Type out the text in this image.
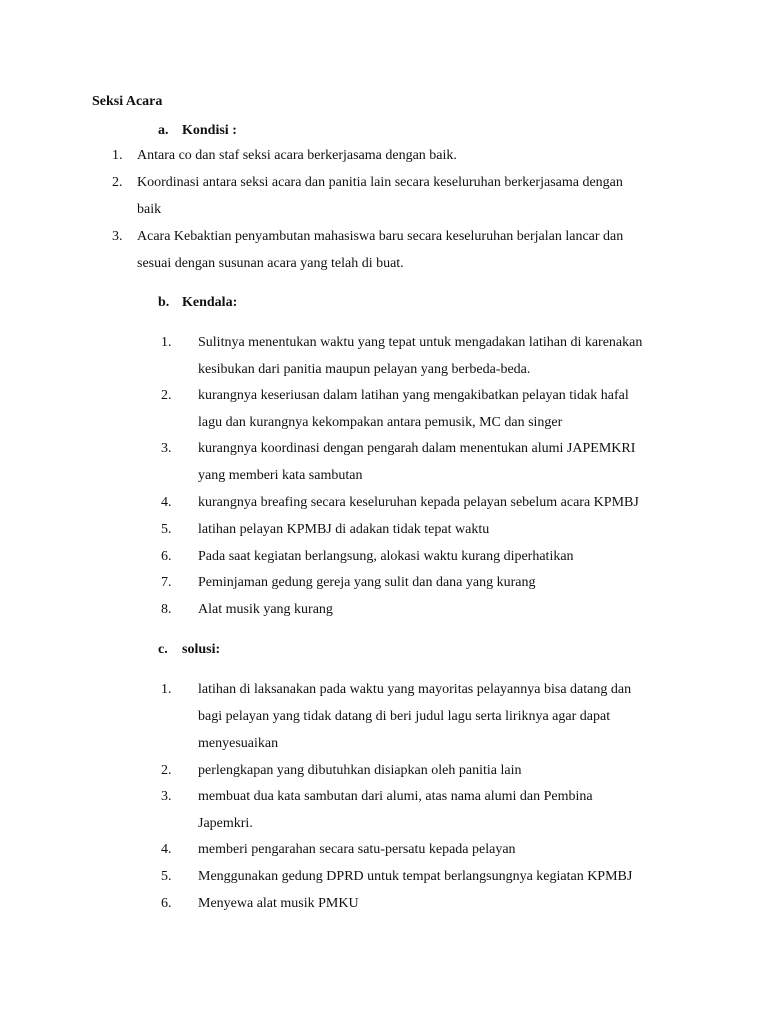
Seksi Acara
a. Kondisi :
1. Antara co dan staf seksi acara berkerjasama dengan baik.
2. Koordinasi antara seksi acara dan panitia lain secara keseluruhan berkerjasama dengan
baik
3. Acara Kebaktian penyambutan mahasiswa baru secara keseluruhan berjalan lancar dan
sesuai dengan susunan acara yang telah di buat.
b. Kendala:
1. Sulitnya menentukan waktu yang tepat untuk mengadakan latihan di karenakan
kesibukan dari panitia maupun pelayan yang berbeda-beda.
2. kurangnya keseriusan dalam latihan yang mengakibatkan pelayan tidak hafal
lagu dan kurangnya kekompakan antara pemusik, MC dan singer
3. kurangnya koordinasi dengan pengarah dalam menentukan alumi JAPEMKRI
yang memberi kata sambutan
4. kurangnya breafing secara keseluruhan kepada pelayan sebelum acara KPMBJ
5. latihan pelayan KPMBJ di adakan tidak tepat waktu
6. Pada saat kegiatan berlangsung, alokasi waktu kurang diperhatikan
7. Peminjaman gedung gereja yang sulit dan dana yang kurang
8. Alat musik yang kurang
c. solusi:
1. latihan di laksanakan pada waktu yang mayoritas pelayannya bisa datang dan
bagi pelayan yang tidak datang di beri judul lagu serta liriknya agar dapat
menyesuaikan
2. perlengkapan yang dibutuhkan disiapkan oleh panitia lain
3. membuat dua kata sambutan dari alumi, atas nama alumi dan Pembina
Japemkri.
4. memberi pengarahan secara satu-persatu kepada pelayan
5. Menggunakan gedung DPRD untuk tempat berlangsungnya kegiatan KPMBJ
6. Menyewa alat musik PMKU
